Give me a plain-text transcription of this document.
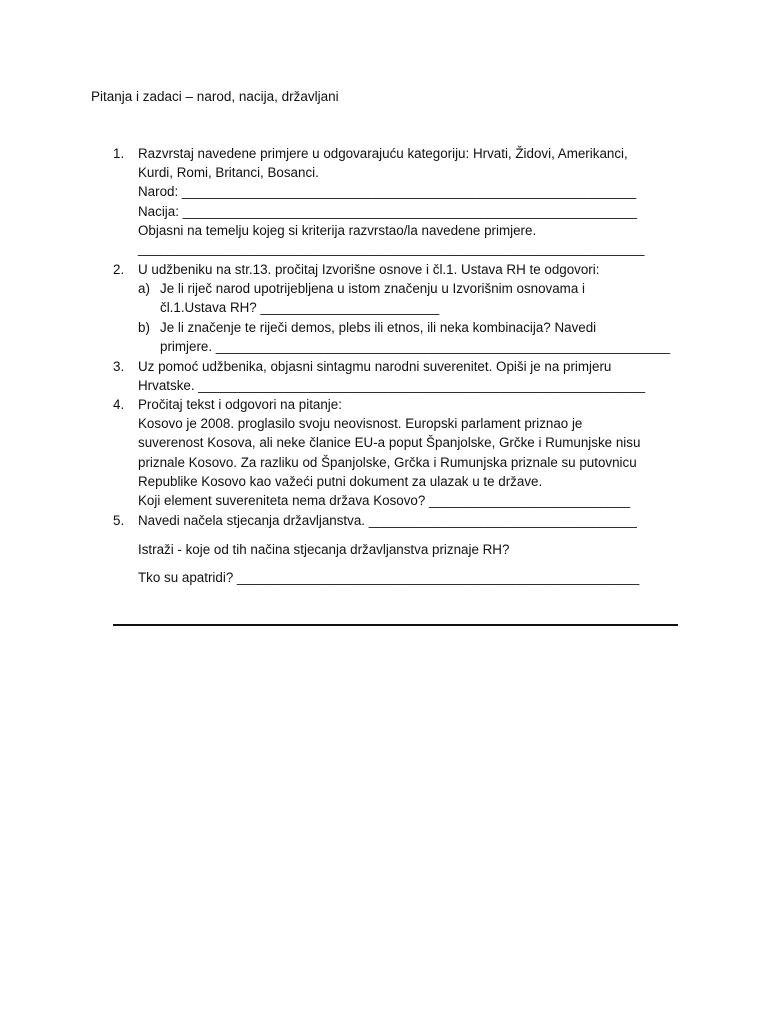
Pitanja i zadaci – narod, nacija, državljani
1. Razvrstaj navedene primjere u odgovarajuću kategoriju: Hrvati, Židovi, Amerikanci,
Kurdi, Romi, Britanci, Bosanci.
Narod: _____________________________________________________________
Nacija: _____________________________________________________________
Objasni na temelju kojeg si kriterija razvrstao/la navedene primjere.
____________________________________________________________________
2. U udžbeniku na str.13. pročitaj Izvorišne osnove i čl.1. Ustava RH te odgovori:
a) Je li riječ narod upotrijebljena u istom značenju u Izvorišnim osnovama i
čl.1.Ustava RH? ________________________
b) Je li značenje te riječi demos, plebs ili etnos, ili neka kombinacija? Navedi
primjere. _____________________________________________________________
3. Uz pomoć udžbenika, objasni sintagmu narodni suverenitet. Opiši je na primjeru
Hrvatske. ____________________________________________________________
4. Pročitaj tekst i odgovori na pitanje:
Kosovo je 2008. proglasilo svoju neovisnost. Europski parlament priznao je
suverenost Kosova, ali neke članice EU-a poput Španjolske, Grčke i Rumunjske nisu
priznale Kosovo. Za razliku od Španjolske, Grčka i Rumunjska priznale su putovnicu
Republike Kosovo kao važeći putni dokument za ulazak u te države.
Koji element suvereniteta nema država Kosovo? ___________________________
5. Navedi načela stjecanja državljanstva. ____________________________________
Istraži - koje od tih načina stjecanja državljanstva priznaje RH?
Tko su apatridi? ______________________________________________________
